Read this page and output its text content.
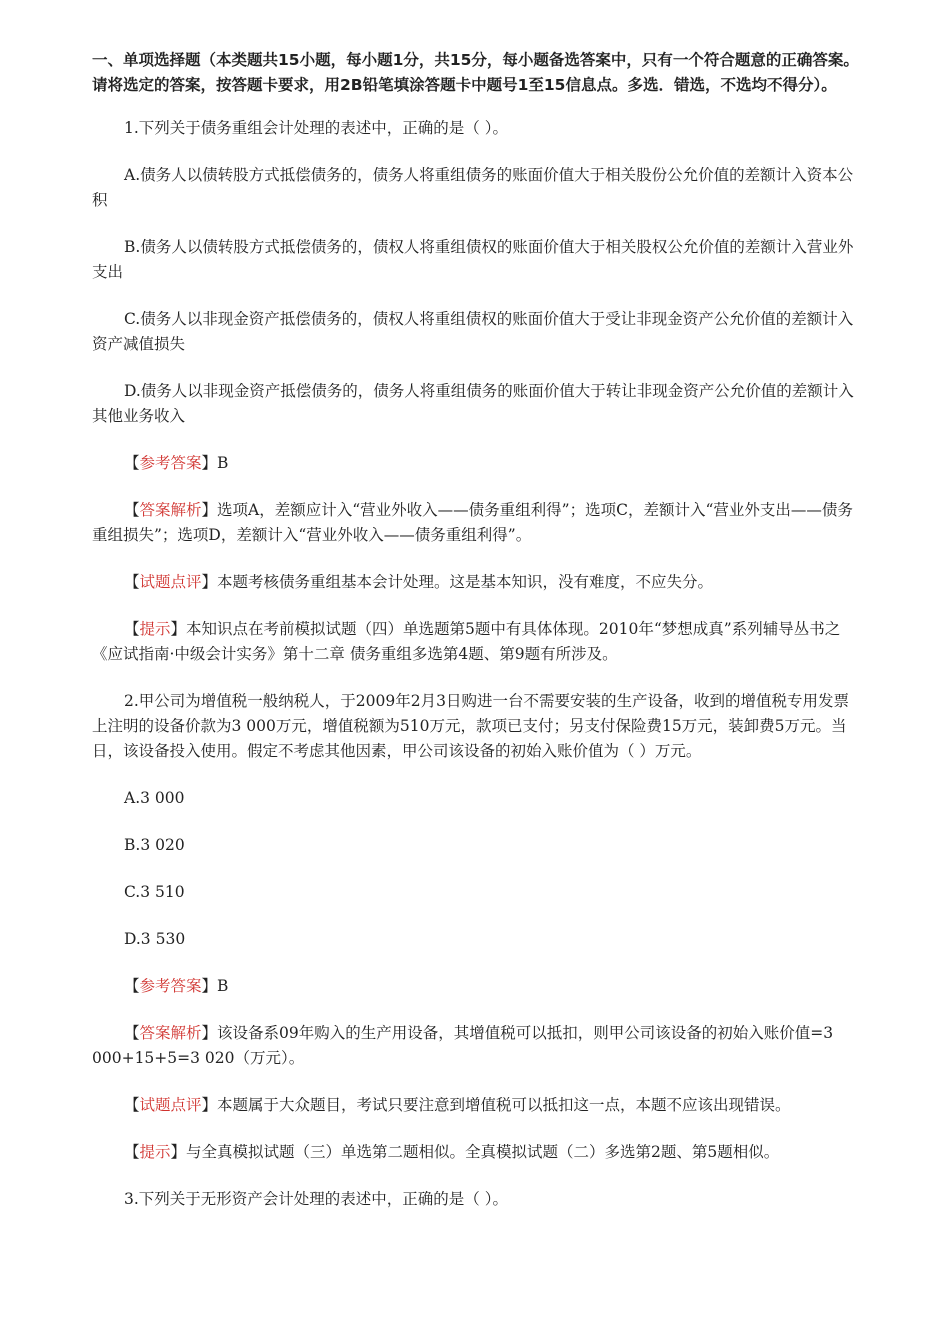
一、单项选择题（本类题共15小题，每小题1分，共15分，每小题备选答案中，只有一个符合题意的正确答案。请将选定的答案，按答题卡要求，用2B铅笔填涂答题卡中题号1至15信息点。多选．错选，不选均不得分）。
1.下列关于债务重组会计处理的表述中，正确的是（ ）。
A.债务人以债转股方式抵偿债务的，债务人将重组债务的账面价值大于相关股份公允价值的差额计入资本公积
B.债务人以债转股方式抵偿债务的，债权人将重组债权的账面价值大于相关股权公允价值的差额计入营业外支出
C.债务人以非现金资产抵偿债务的，债权人将重组债权的账面价值大于受让非现金资产公允价值的差额计入资产减值损失
D.债务人以非现金资产抵偿债务的，债务人将重组债务的账面价值大于转让非现金资产公允价值的差额计入其他业务收入
【参考答案】B
【答案解析】选项A，差额应计入“营业外收入——债务重组利得”；选项C，差额计入“营业外支出——债务重组损失”；选项D，差额计入“营业外收入——债务重组利得”。
【试题点评】本题考核债务重组基本会计处理。这是基本知识，没有难度，不应失分。
【提示】本知识点在考前模拟试题（四）单选题第5题中有具体体现。2010年“梦想成真”系列辅导丛书之《应试指南·中级会计实务》第十二章 债务重组多选第4题、第9题有所涉及。
2.甲公司为增值税一般纳税人，于2009年2月3日购进一台不需要安装的生产设备，收到的增值税专用发票上注明的设备价款为3 000万元，增值税额为510万元，款项已支付；另支付保险费15万元，装卸费5万元。当日，该设备投入使用。假定不考虑其他因素，甲公司该设备的初始入账价值为（ ）万元。
A.3 000
B.3 020
C.3 510
D.3 530
【参考答案】B
【答案解析】该设备系09年购入的生产用设备，其增值税可以抵扣，则甲公司该设备的初始入账价值=3 000+15+5=3 020（万元）。
【试题点评】本题属于大众题目，考试只要注意到增值税可以抵扣这一点，本题不应该出现错误。
【提示】与全真模拟试题（三）单选第二题相似。全真模拟试题（二）多选第2题、第5题相似。
3.下列关于无形资产会计处理的表述中，正确的是（ ）。
